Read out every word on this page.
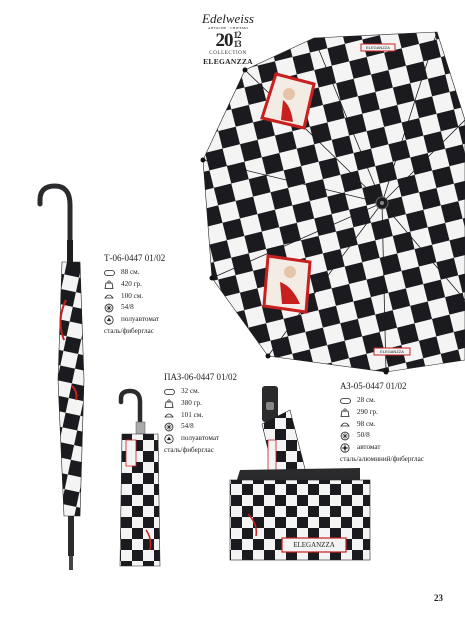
ELEGANZZA
ELEGANZZA
ELEGANZZA
Edelweiss
АВТОСНЕ · CHIFEMO
2012
13
COLLECTION
ELEGANZZA
Т-06-0447 01/02
88 см.
420 гр.
100 см.
54/8
полуавтомат
сталь/фиберглас
ПАЗ-06-0447 01/02
32 см.
380 гр.
101 см.
54/8
полуавтомат
сталь/фиберглас
АЗ-05-0447 01/02
28 см.
290 гр.
98 см.
50/8
автомат
сталь/алюминий/фиберглас
23
